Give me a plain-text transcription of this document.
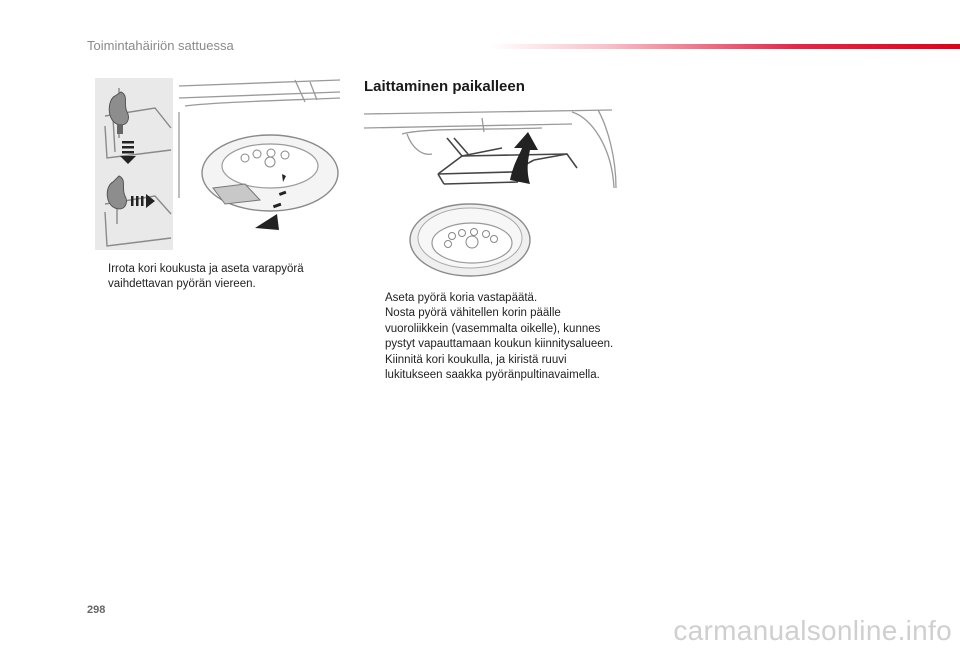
Toimintahäiriön sattuessa
Irrota kori koukusta ja aseta varapyörä vaihdettavan pyörän viereen.
Laittaminen paikalleen
Aseta pyörä koria vastapäätä.
Nosta pyörä vähitellen korin päälle vuoroliikkein (vasemmalta oikelle), kunnes pystyt vapauttamaan koukun kiinnitysalueen.
Kiinnitä kori koukulla, ja kiristä ruuvi lukitukseen saakka pyöränpultinavaimella.
298
carmanualsonline.info
